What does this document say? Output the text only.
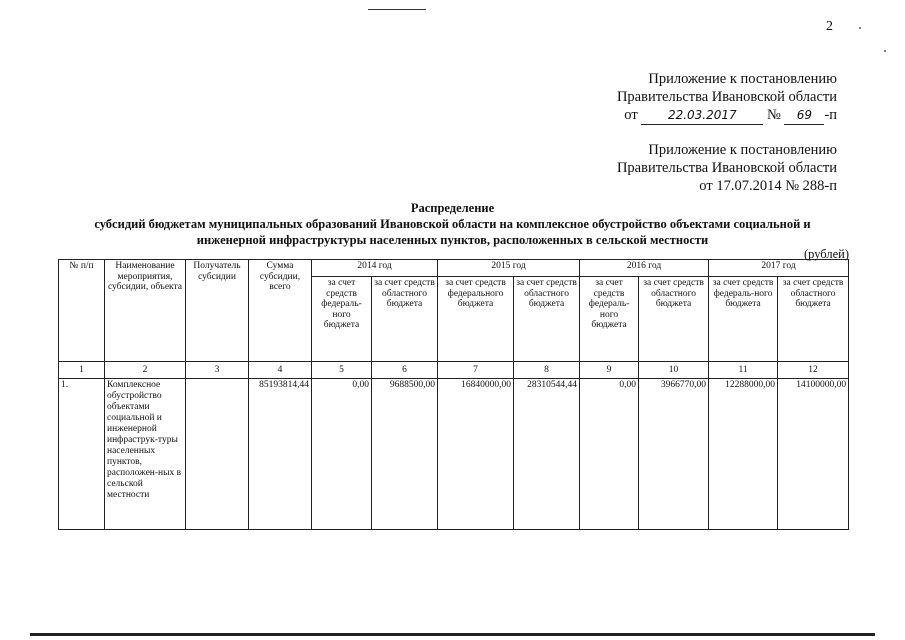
2
Приложение к постановлению
Правительства Ивановской области
от	22.03.2017 № 69 -п
Приложение к постановлению
Правительства Ивановской области
от 17.07.2014 № 288-п
Распределение
субсидий бюджетам муниципальных образований Ивановской области на комплексное обустройство объектами социальной и
инженерной инфраструктуры населенных пунктов, расположенных в сельской местности
(рублей)
№ п/п	Наименование мероприятия, субсидии, объекта	Получатель субсидии	Сумма субсидии, всего	2014 год		2015 год		2016 год		2017 год	
				за счет средств федераль-ного бюджета	за счет средств областного бюджета	за счет средств федерального бюджета	за счет средств областного бюджета	за счет средств федераль-ного бюджета	за счет средств областного бюджета	за счет средств федераль-ного бюджета	за счет средств областного бюджета
1	2	3	4	5	6	7	8	9	10	11	12
1.	Комплексное обустройство объектами социальной и инженерной инфраструк-туры населенных пунктов, расположен-ных в сельской местности		85193814,44	0,00	9688500,00	16840000,00	28310544,44	0,00	3966770,00	12288000,00	14100000,00
